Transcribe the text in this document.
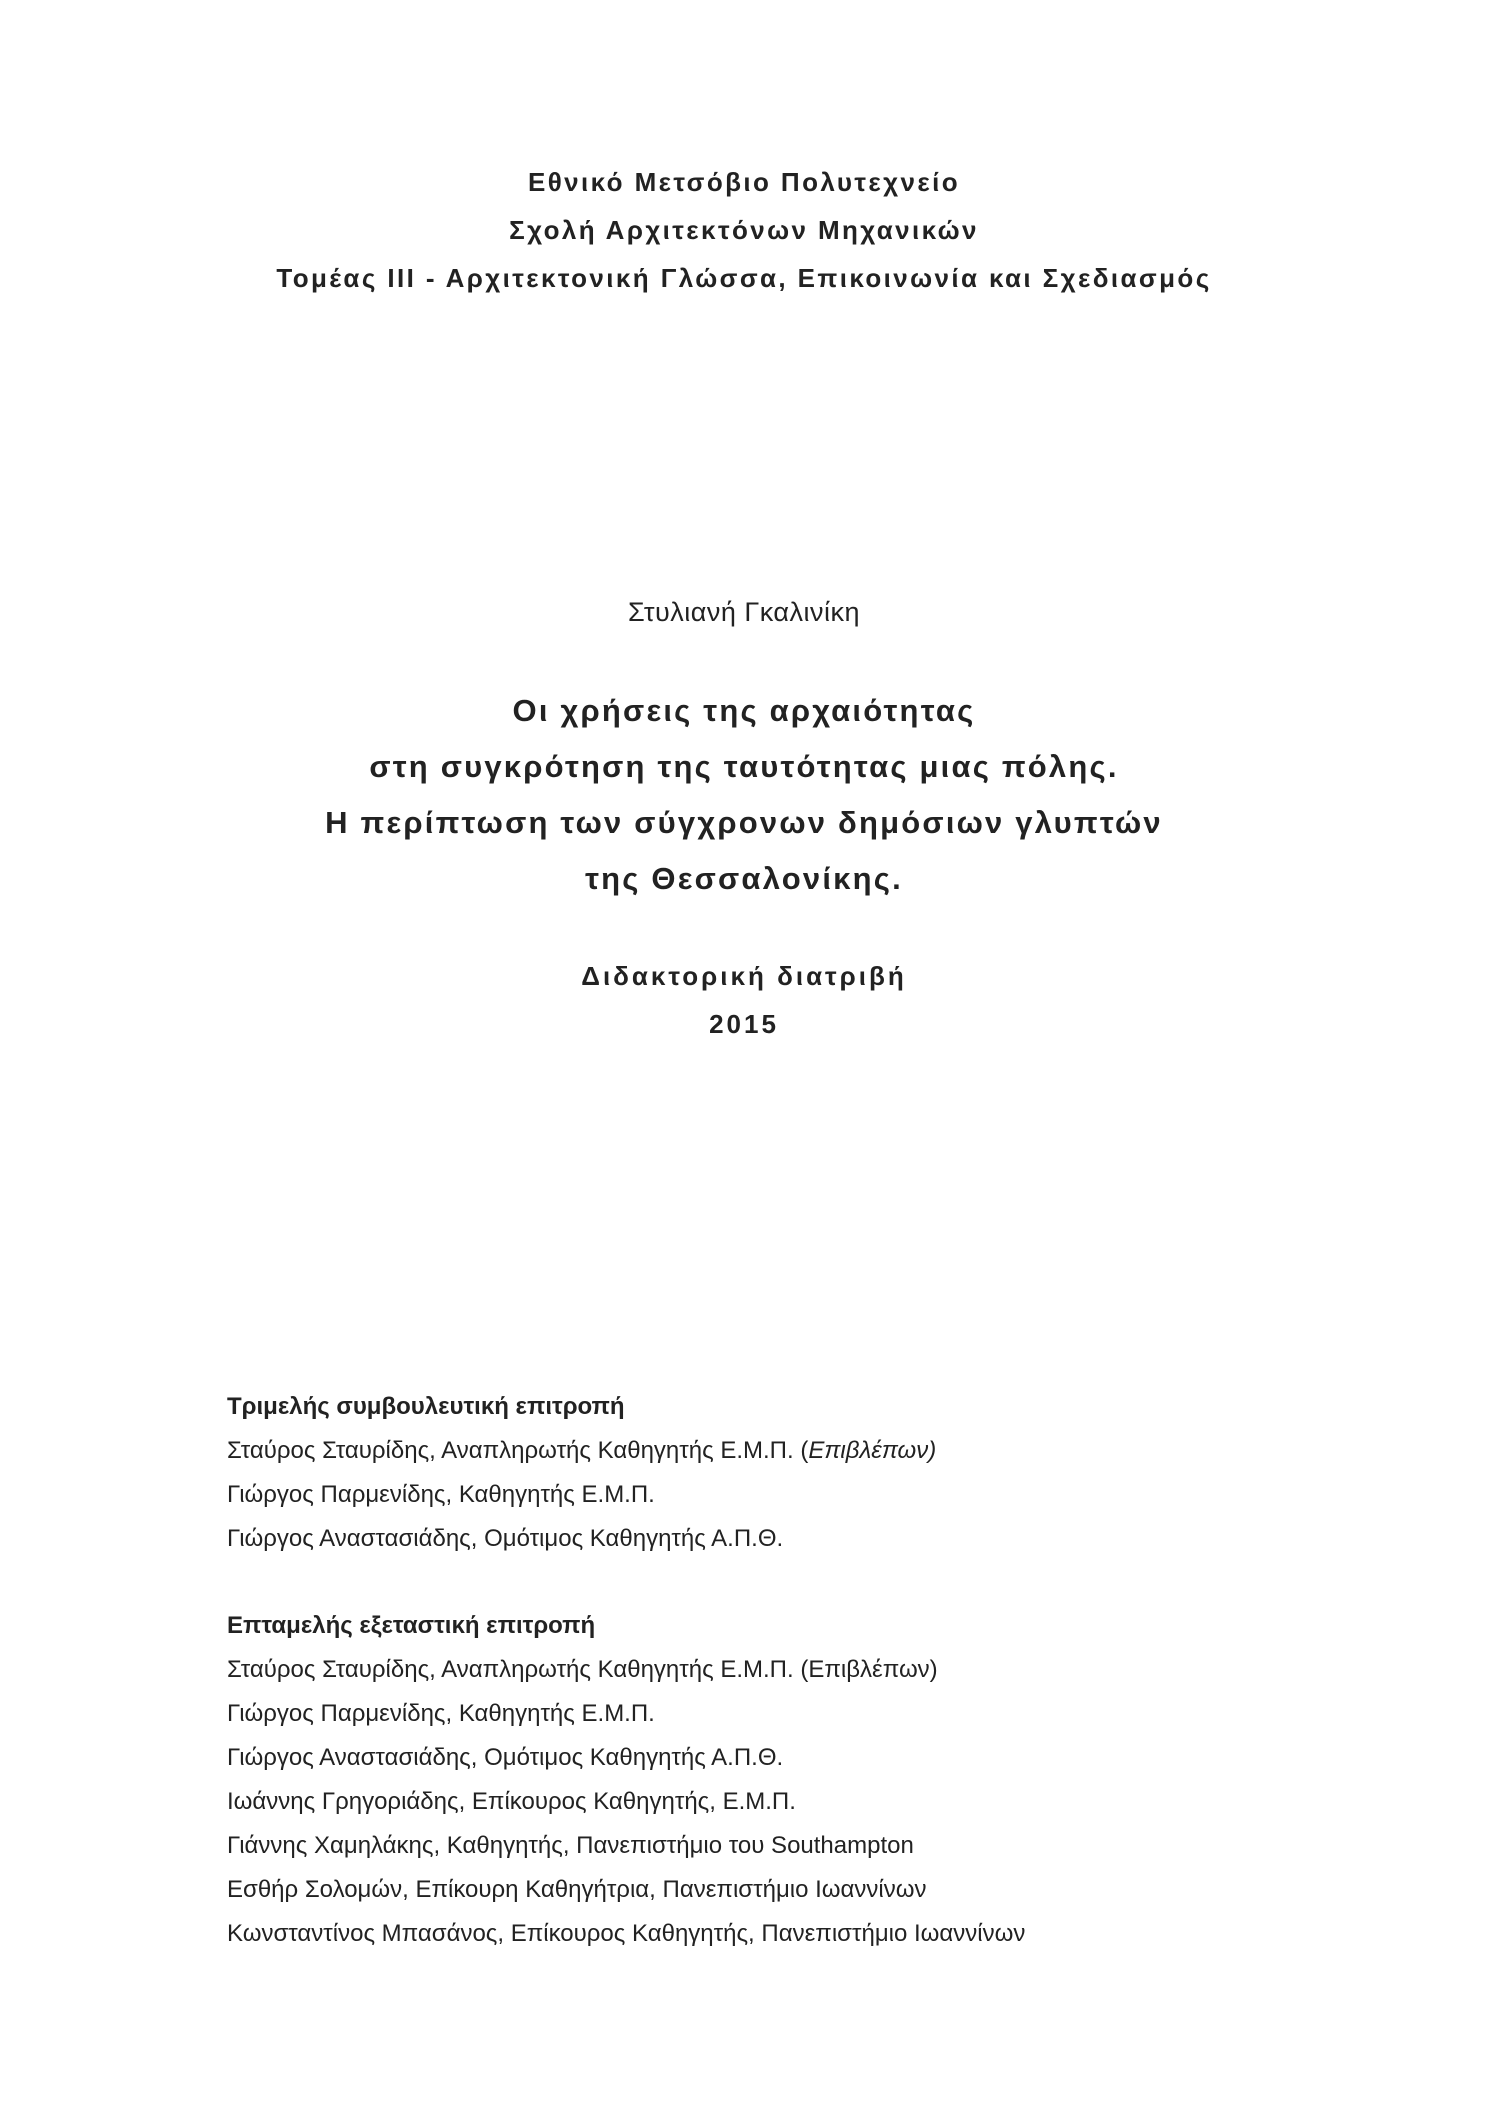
Εθνικό Μετσόβιο Πολυτεχνείο
Σχολή Αρχιτεκτόνων Μηχανικών
Τομέας ΙΙΙ - Αρχιτεκτονική Γλώσσα, Επικοινωνία και Σχεδιασμός
Στυλιανή Γκαλινίκη
Οι χρήσεις της αρχαιότητας
στη συγκρότηση της ταυτότητας μιας πόλης.
Η περίπτωση των σύγχρονων δημόσιων γλυπτών
της Θεσσαλονίκης.
Διδακτορική διατριβή
2015
Τριμελής συμβουλευτική επιτροπή
Σταύρος Σταυρίδης, Αναπληρωτής Καθηγητής Ε.Μ.Π. (Επιβλέπων)
Γιώργος Παρμενίδης, Καθηγητής Ε.Μ.Π.
Γιώργος Αναστασιάδης, Ομότιμος Καθηγητής Α.Π.Θ.
Επταμελής εξεταστική επιτροπή
Σταύρος Σταυρίδης, Αναπληρωτής Καθηγητής Ε.Μ.Π. (Επιβλέπων)
Γιώργος Παρμενίδης, Καθηγητής Ε.Μ.Π.
Γιώργος Αναστασιάδης, Ομότιμος Καθηγητής Α.Π.Θ.
Ιωάννης Γρηγοριάδης, Επίκουρος Καθηγητής, Ε.Μ.Π.
Γιάννης Χαμηλάκης, Καθηγητής, Πανεπιστήμιο του Southampton
Εσθήρ Σολομών, Επίκουρη Καθηγήτρια, Πανεπιστήμιο Ιωαννίνων
Κωνσταντίνος Μπασάνος, Επίκουρος Καθηγητής, Πανεπιστήμιο Ιωαννίνων
